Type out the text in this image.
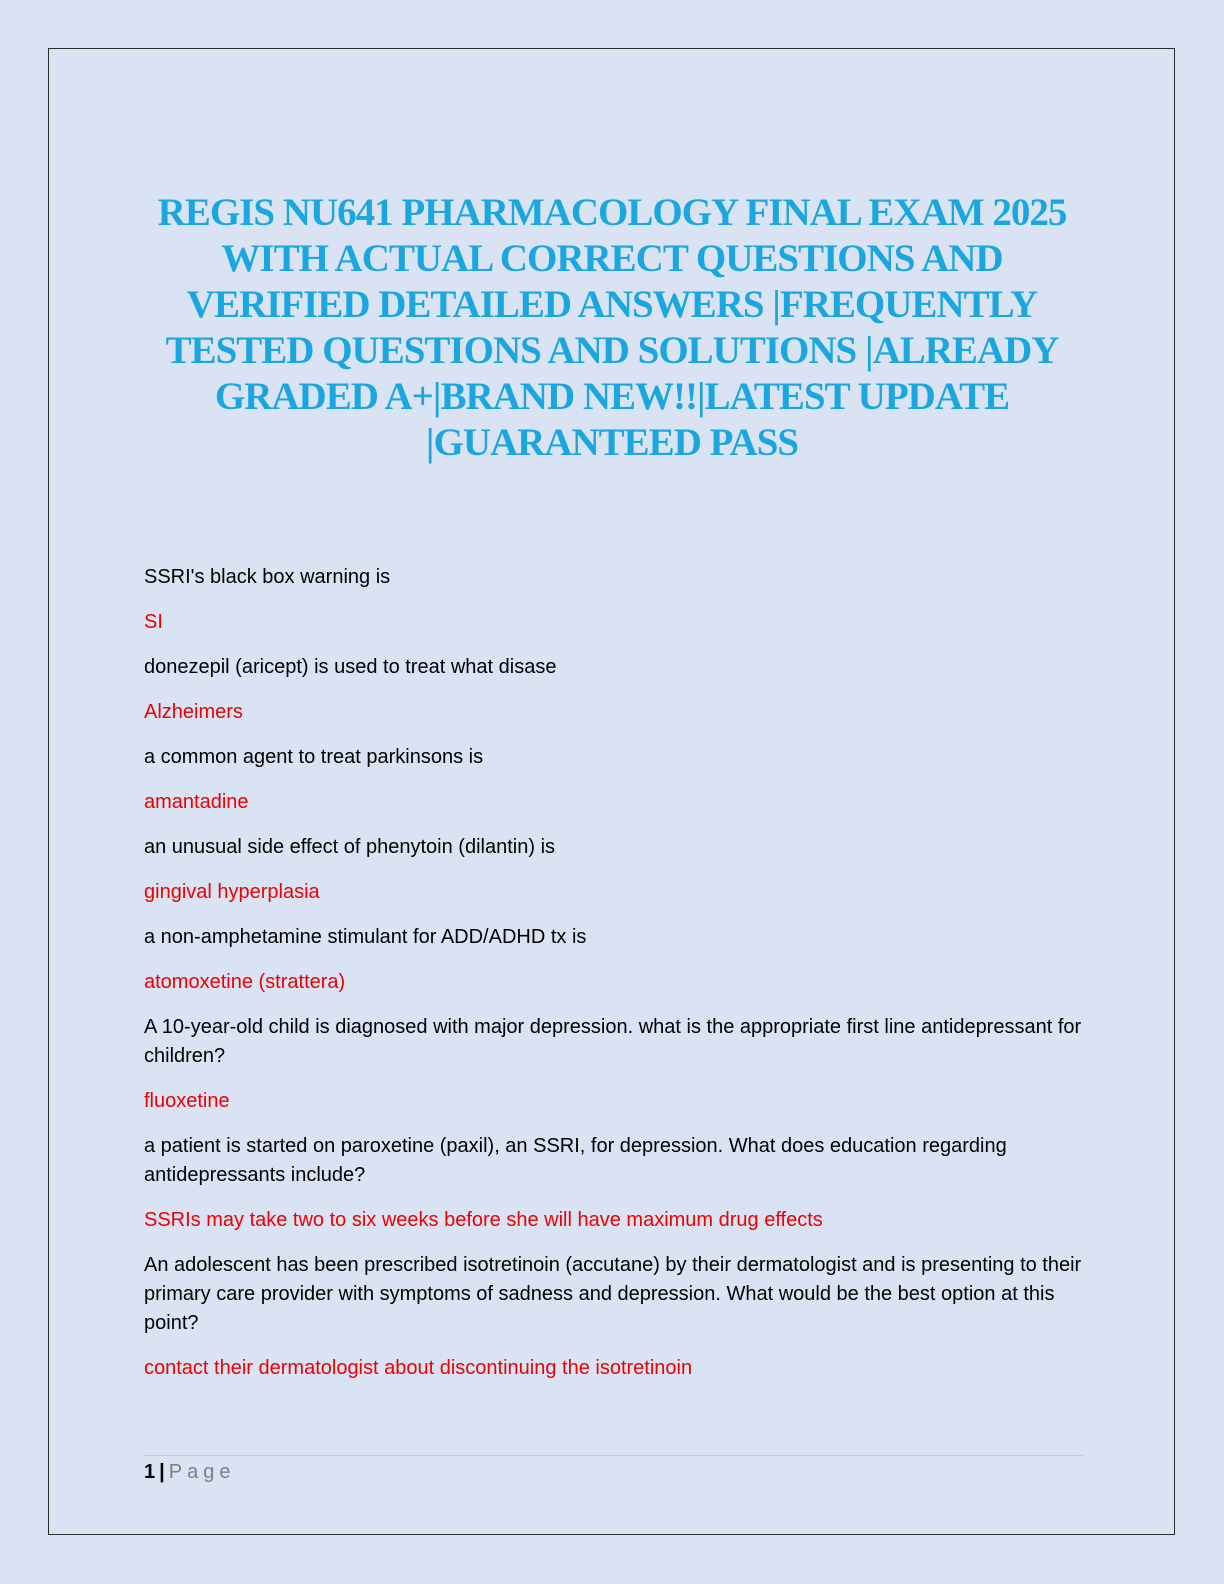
REGIS NU641 PHARMACOLOGY FINAL EXAM 2025 WITH ACTUAL CORRECT QUESTIONS AND VERIFIED DETAILED ANSWERS |FREQUENTLY TESTED QUESTIONS AND SOLUTIONS |ALREADY GRADED A+|BRAND NEW!!|LATEST UPDATE |GUARANTEED PASS

SSRI's black box warning is

SI

donezepil (aricept) is used to treat what disase

Alzheimers

a common agent to treat parkinsons is

amantadine

an unusual side effect of phenytoin (dilantin) is

gingival hyperplasia

a non-amphetamine stimulant for ADD/ADHD tx is

atomoxetine (strattera)

A 10-year-old child is diagnosed with major depression. what is the appropriate first line antidepressant for children?

fluoxetine

a patient is started on paroxetine (paxil), an SSRI, for depression. What does education regarding antidepressants include?

SSRIs may take two to six weeks before she will have maximum drug effects

An adolescent has been prescribed isotretinoin (accutane) by their dermatologist and is presenting to their primary care provider with symptoms of sadness and depression. What would be the best option at this point?

contact their dermatologist about discontinuing the isotretinoin

1 | Page
